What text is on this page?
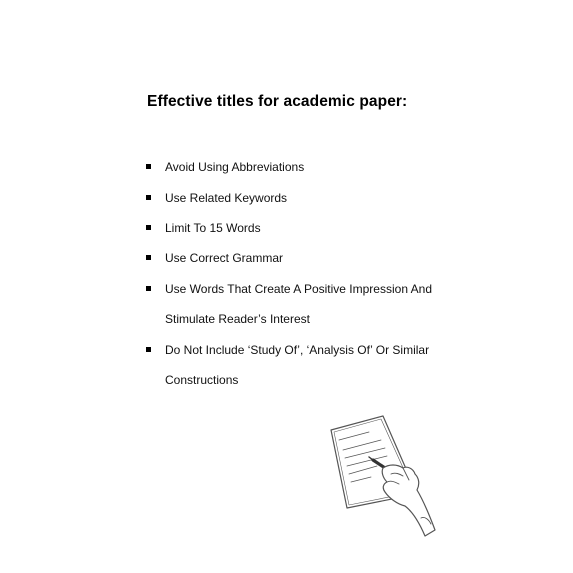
Effective titles for academic paper:
Avoid Using Abbreviations
Use Related Keywords
Limit To 15 Words
Use Correct Grammar
Use Words That Create A Positive Impression And
Stimulate Reader’s Interest
Do Not Include ‘Study Of’, ‘Analysis Of’ Or Similar
Constructions
